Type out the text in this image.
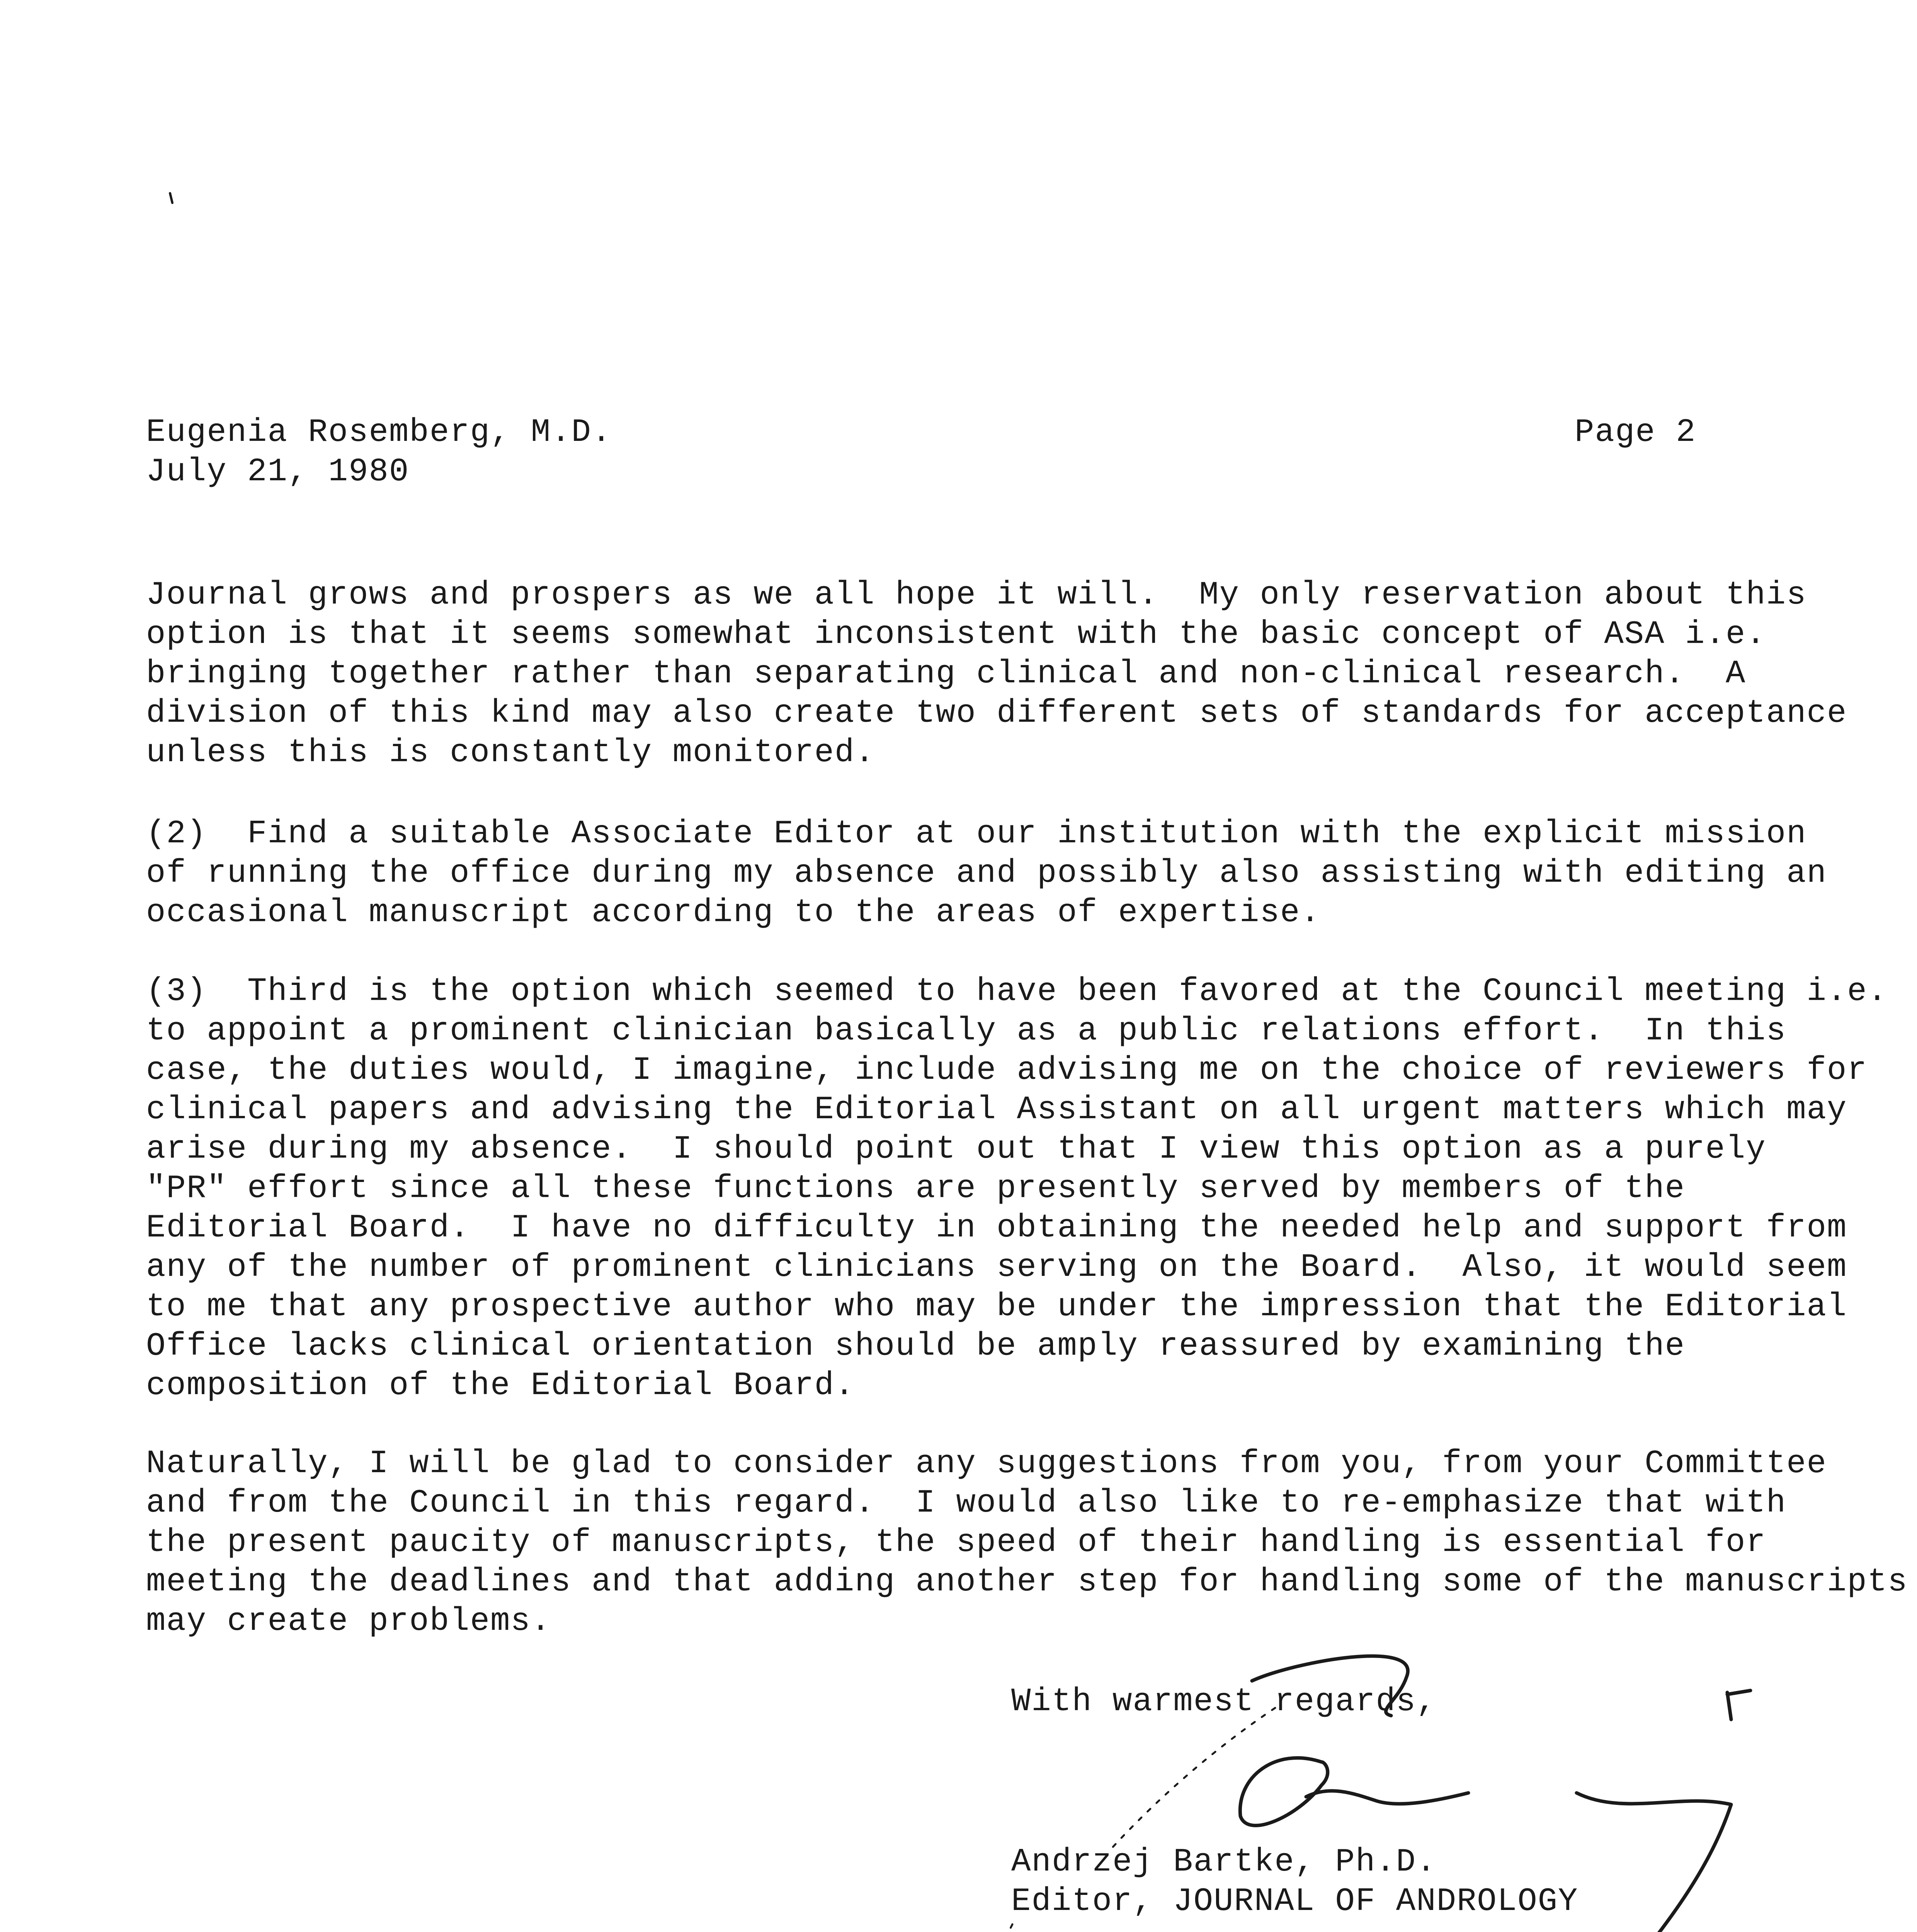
Eugenia Rosemberg, M.D.
July 21, 1980
Page 2
Journal grows and prospers as we all hope it will.  My only reservation about this
option is that it seems somewhat inconsistent with the basic concept of ASA i.e.
bringing together rather than separating clinical and non-clinical research.  A
division of this kind may also create two different sets of standards for acceptance
unless this is constantly monitored.
(2)  Find a suitable Associate Editor at our institution with the explicit mission
of running the office during my absence and possibly also assisting with editing an
occasional manuscript according to the areas of expertise.
(3)  Third is the option which seemed to have been favored at the Council meeting i.e.
to appoint a prominent clinician basically as a public relations effort.  In this
case, the duties would, I imagine, include advising me on the choice of reviewers for
clinical papers and advising the Editorial Assistant on all urgent matters which may
arise during my absence.  I should point out that I view this option as a purely
"PR" effort since all these functions are presently served by members of the
Editorial Board.  I have no difficulty in obtaining the needed help and support from
any of the number of prominent clinicians serving on the Board.  Also, it would seem
to me that any prospective author who may be under the impression that the Editorial
Office lacks clinical orientation should be amply reassured by examining the
composition of the Editorial Board.
Naturally, I will be glad to consider any suggestions from you, from your Committee
and from the Council in this regard.  I would also like to re-emphasize that with
the present paucity of manuscripts, the speed of their handling is essential for
meeting the deadlines and that adding another step for handling some of the manuscripts
may create problems.
With warmest regards,
Andrzej Bartke, Ph.D.
Editor, JOURNAL OF ANDROLOGY
